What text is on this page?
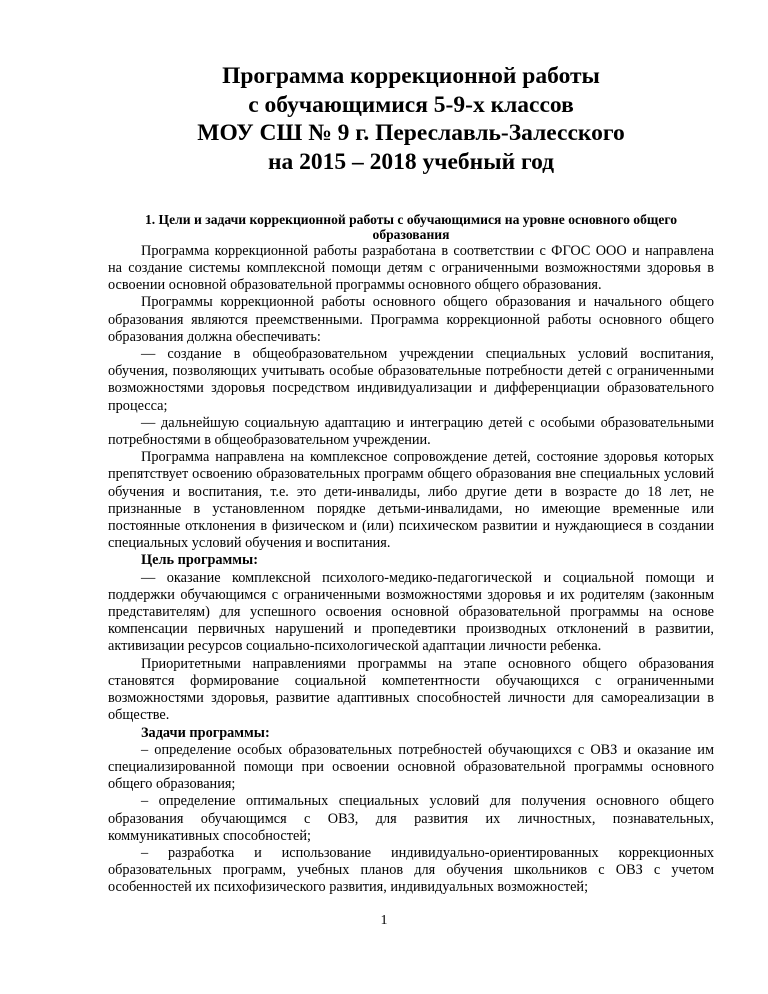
Программа коррекционной работы
с обучающимися 5-9-х классов
МОУ СШ № 9 г. Переславль-Залесского
на 2015 – 2018 учебный год
1. Цели и задачи коррекционной работы с обучающимися на уровне основного общего образования

Программа коррекционной работы разработана в соответствии с ФГОС ООО и направлена на создание системы комплексной помощи детям с ограниченными возможностями здоровья в освоении основной образовательной программы основного общего образования.

Программы коррекционной работы основного общего образования и начального общего образования являются преемственными. Программа коррекционной работы основного общего образования должна обеспечивать:

— создание в общеобразовательном учреждении специальных условий воспитания, обучения, позволяющих учитывать особые образовательные потребности детей с ограниченными возможностями здоровья посредством индивидуализации и дифференциации образовательного процесса;

— дальнейшую социальную адаптацию и интеграцию детей с особыми образовательными потребностями в общеобразовательном учреждении.

Программа направлена на комплексное сопровождение детей, состояние здоровья которых препятствует освоению образовательных программ общего образования вне специальных условий обучения и воспитания, т.е. это дети-инвалиды, либо другие дети в возрасте до 18 лет, не признанные в установленном порядке детьми-инвалидами, но имеющие временные или постоянные отклонения в физическом и (или) психическом развитии и нуждающиеся в создании специальных условий обучения и воспитания.

Цель программы:

— оказание комплексной психолого-медико-педагогической и социальной помощи и поддержки обучающимся с ограниченными возможностями здоровья и их родителям (законным представителям) для успешного освоения основной образовательной программы на основе компенсации первичных нарушений и пропедевтики производных отклонений в развитии, активизации ресурсов социально-психологической адаптации личности ребенка.

Приоритетными направлениями программы на этапе основного общего образования становятся формирование социальной компетентности обучающихся с ограниченными возможностями здоровья, развитие адаптивных способностей личности для самореализации в обществе.

Задачи программы:

– определение особых образовательных потребностей обучающихся с ОВЗ и оказание им специализированной помощи при освоении основной образовательной программы основного общего образования;

– определение оптимальных специальных условий для получения основного общего образования обучающимся с ОВЗ, для развития их личностных, познавательных, коммуникативных способностей;

– разработка и использование индивидуально-ориентированных коррекционных образовательных программ, учебных планов для обучения школьников с ОВЗ с учетом особенностей их психофизического развития, индивидуальных возможностей;

1
